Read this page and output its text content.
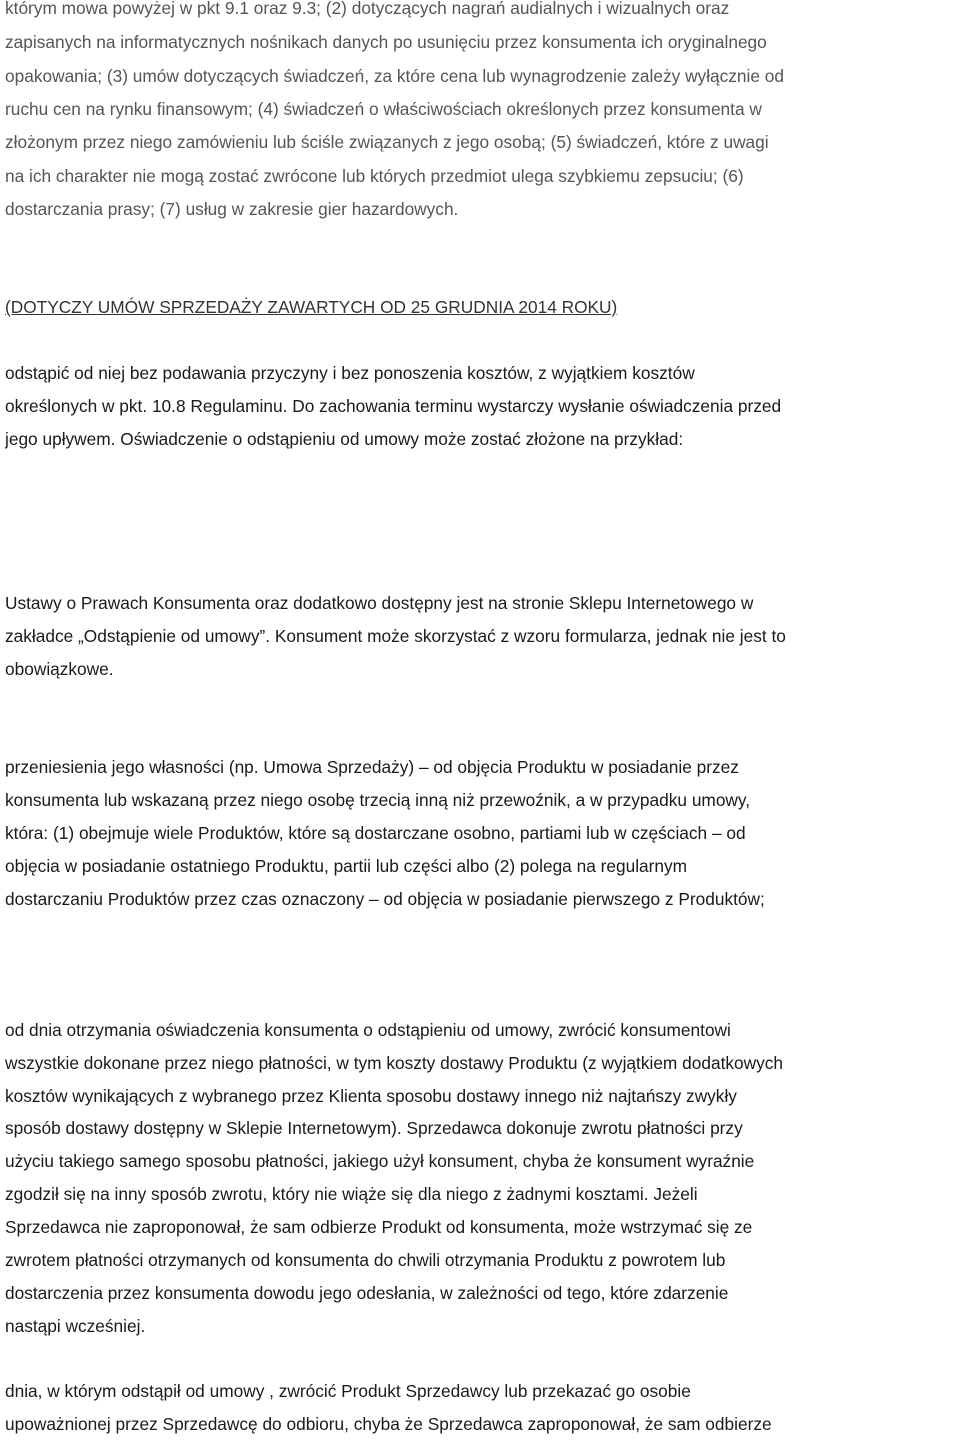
którym mowa powyżej w pkt 9.1 oraz 9.3; (2) dotyczących nagrań audialnych i wizualnych oraz
zapisanych na informatycznych nośnikach danych po usunięciu przez konsumenta ich oryginalnego
opakowania; (3) umów dotyczących świadczeń, za które cena lub wynagrodzenie zależy wyłącznie od
ruchu cen na rynku finansowym; (4) świadczeń o właściwościach określonych przez konsumenta w
złożonym przez niego zamówieniu lub ściśle związanych z jego osobą; (5) świadczeń, które z uwagi
na ich charakter nie mogą zostać zwrócone lub których przedmiot ulega szybkiemu zepsuciu; (6)
dostarczania prasy; (7) usług w zakresie gier hazardowych.
(DOTYCZY UMÓW SPRZEDAŻY ZAWARTYCH OD 25 GRUDNIA 2014 ROKU)
odstąpić od niej bez podawania przyczyny i bez ponoszenia kosztów, z wyjątkiem kosztów
określonych w pkt. 10.8 Regulaminu. Do zachowania terminu wystarczy wysłanie oświadczenia przed
jego upływem. Oświadczenie o odstąpieniu od umowy może zostać złożone na przykład:
Ustawy o Prawach Konsumenta oraz dodatkowo dostępny jest na stronie Sklepu Internetowego w
zakładce „Odstąpienie od umowy”. Konsument może skorzystać z wzoru formularza, jednak nie jest to
obowiązkowe.
przeniesienia jego własności (np. Umowa Sprzedaży) – od objęcia Produktu w posiadanie przez
konsumenta lub wskazaną przez niego osobę trzecią inną niż przewoźnik, a w przypadku umowy,
która: (1) obejmuje wiele Produktów, które są dostarczane osobno, partiami lub w częściach – od
objęcia w posiadanie ostatniego Produktu, partii lub części albo (2) polega na regularnym
dostarczaniu Produktów przez czas oznaczony – od objęcia w posiadanie pierwszego z Produktów;
od dnia otrzymania oświadczenia konsumenta o odstąpieniu od umowy, zwrócić konsumentowi
wszystkie dokonane przez niego płatności, w tym koszty dostawy Produktu (z wyjątkiem dodatkowych
kosztów wynikających z wybranego przez Klienta sposobu dostawy innego niż najtańszy zwykły
sposób dostawy dostępny w Sklepie Internetowym). Sprzedawca dokonuje zwrotu płatności przy
użyciu takiego samego sposobu płatności, jakiego użył konsument, chyba że konsument wyraźnie
zgodził się na inny sposób zwrotu, który nie wiąże się dla niego z żadnymi kosztami. Jeżeli
Sprzedawca nie zaproponował, że sam odbierze Produkt od konsumenta, może wstrzymać się ze
zwrotem płatności otrzymanych od konsumenta do chwili otrzymania Produktu z powrotem lub
dostarczenia przez konsumenta dowodu jego odesłania, w zależności od tego, które zdarzenie
nastąpi wcześniej.
dnia, w którym odstąpił od umowy , zwrócić Produkt Sprzedawcy lub przekazać go osobie
upoważnionej przez Sprzedawcę do odbioru, chyba że Sprzedawca zaproponował, że sam odbierze
